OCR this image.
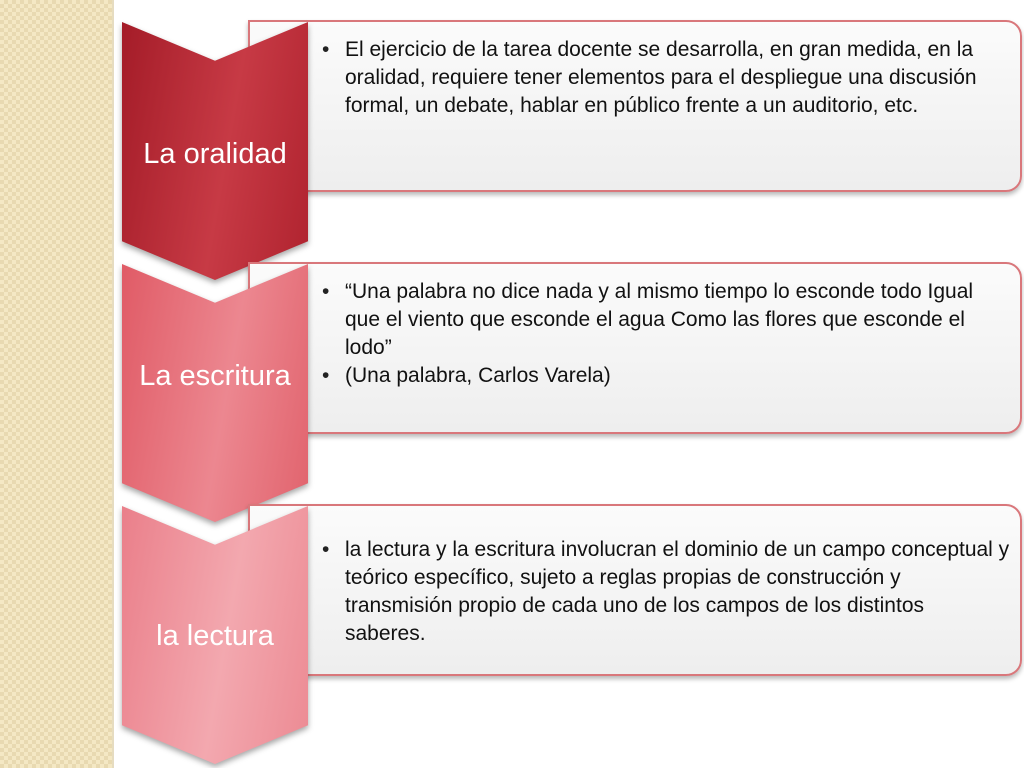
• El ejercicio de la tarea docente se desarrolla, en gran medida, en la oralidad, requiere tener elementos para el despliegue una discusión formal, un debate, hablar en público frente a un auditorio, etc.
La oralidad
• “Una palabra no dice nada y al mismo tiempo lo esconde todo Igual que el viento que esconde el agua Como las flores que esconde el lodo”
• (Una palabra, Carlos Varela)
La escritura
• la lectura y la escritura involucran el dominio de un campo conceptual y teórico específico, sujeto a reglas propias de construcción y transmisión propio de cada uno de los campos de los distintos saberes.
la lectura
